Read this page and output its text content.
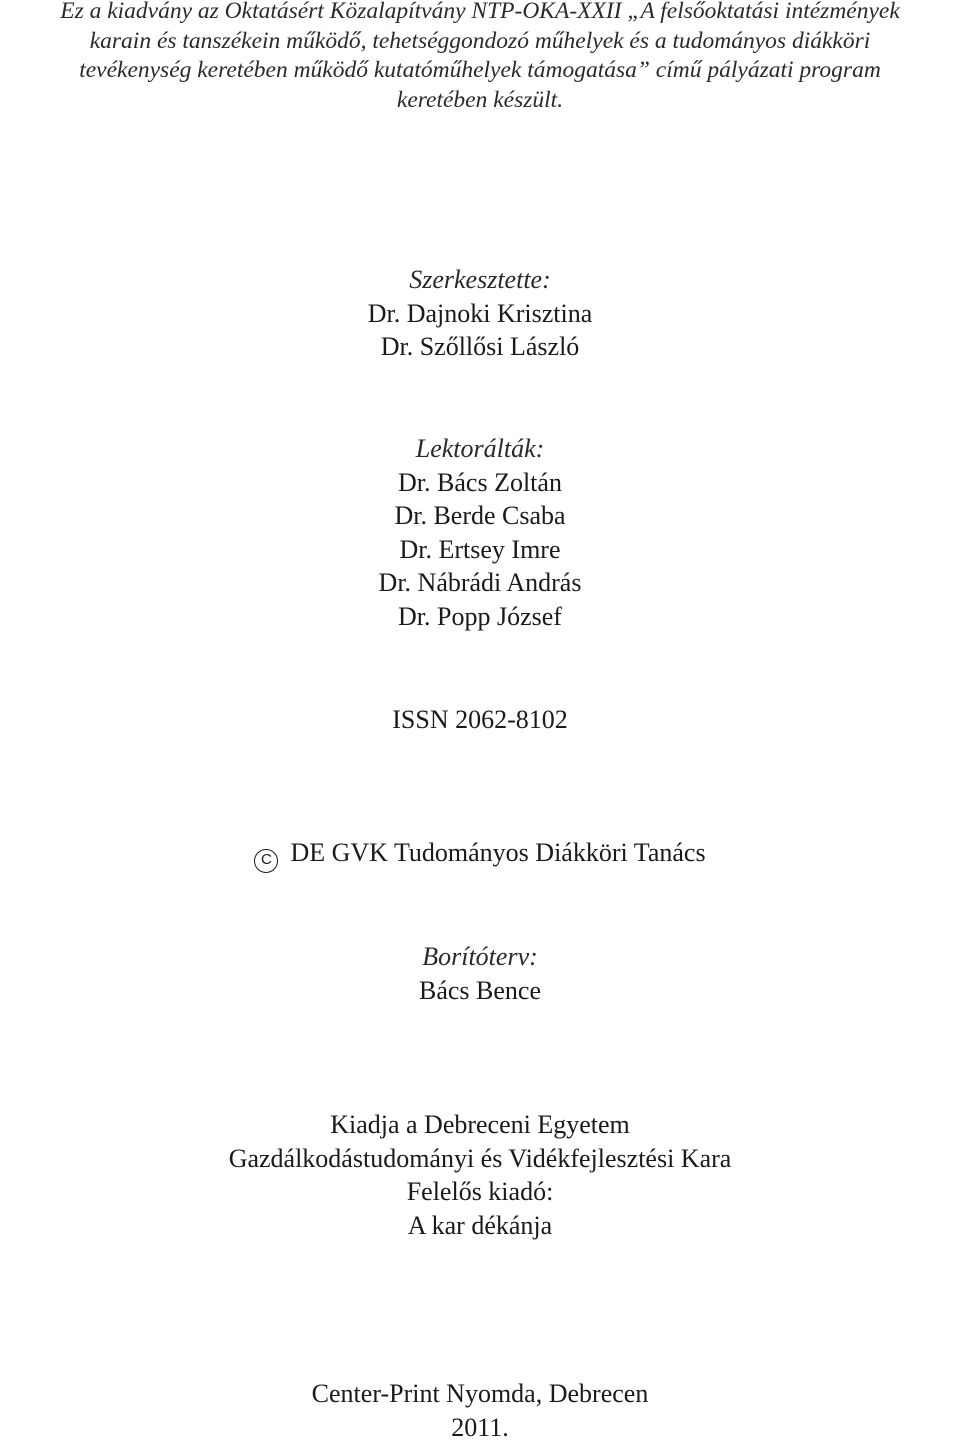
Ez a kiadvány az Oktatásért Közalapítvány NTP-OKA-XXII „A felsőoktatási intézmények
karain és tanszékein működő, tehetséggondozó műhelyek és a tudományos diákköri
tevékenység keretében működő kutatóműhelyek támogatása” című pályázati program
keretében készült.
Szerkesztette:
Dr. Dajnoki Krisztina
Dr. Szőllősi László
Lektorálták:
Dr. Bács Zoltán
Dr. Berde Csaba
Dr. Ertsey Imre
Dr. Nábrádi András
Dr. Popp József
ISSN 2062-8102
CDE GVK Tudományos Diákköri Tanács
Borítóterv:
Bács Bence
Kiadja a Debreceni Egyetem
Gazdálkodástudományi és Vidékfejlesztési Kara
Felelős kiadó:
A kar dékánja
Center-Print Nyomda, Debrecen
2011.
